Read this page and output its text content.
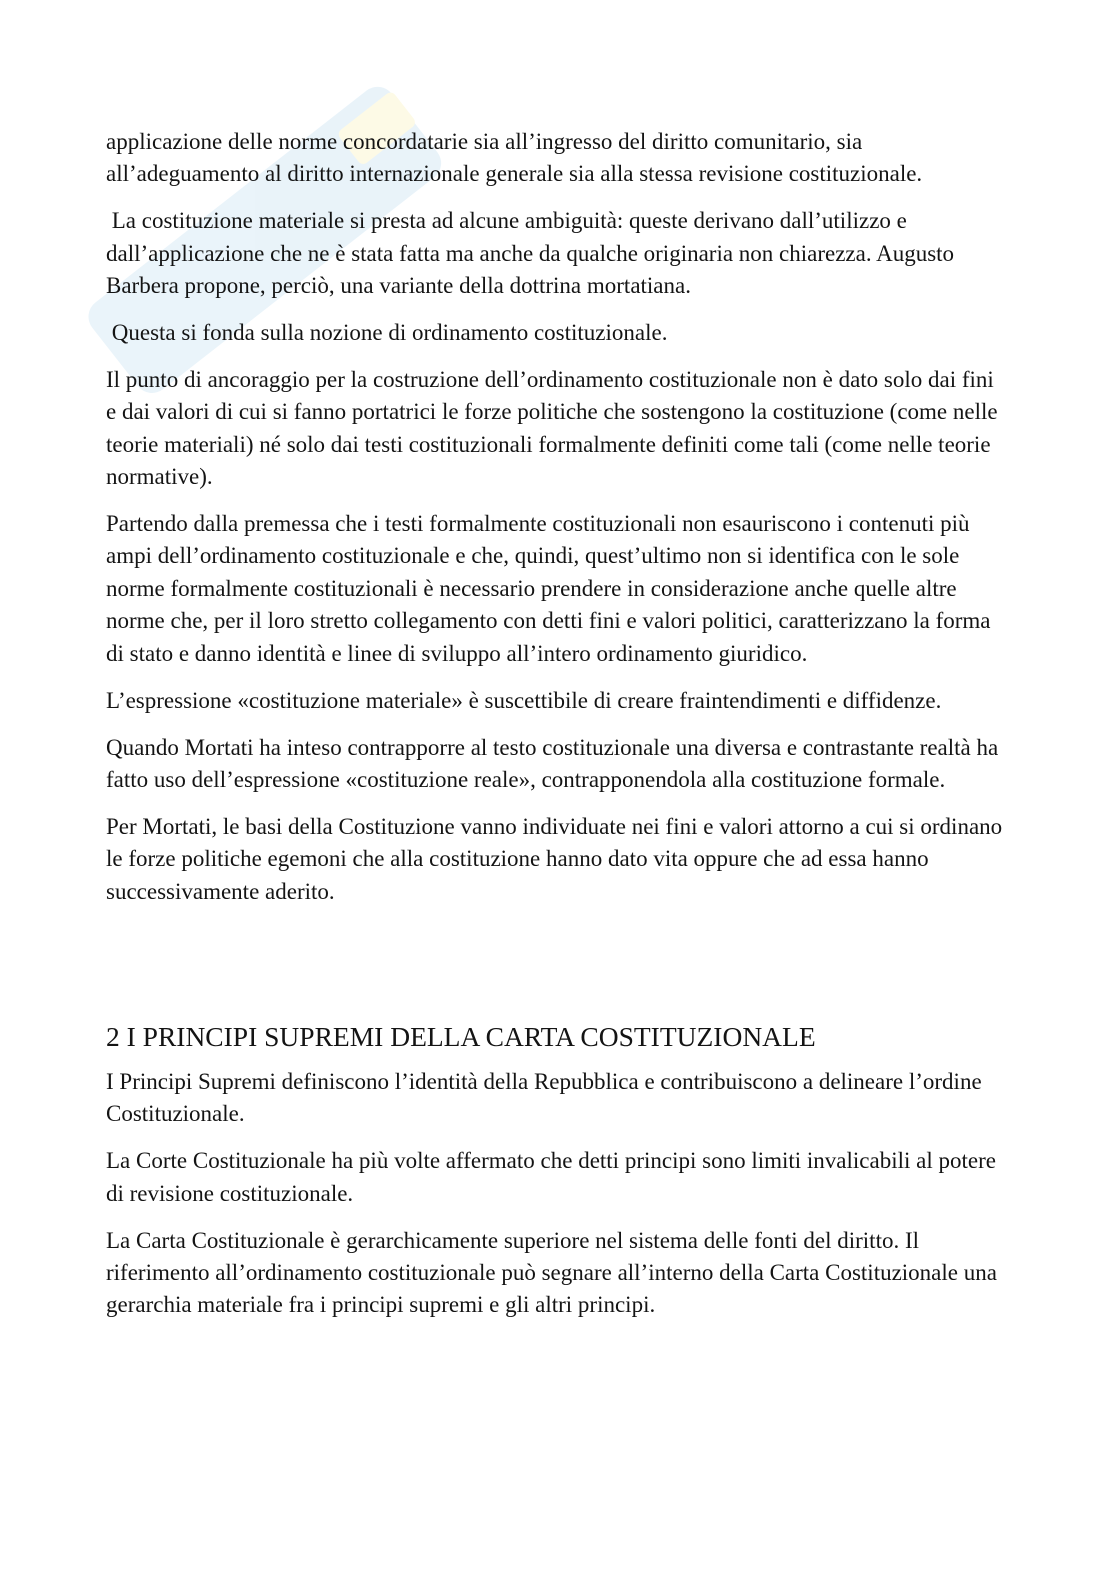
applicazione delle norme concordatarie sia all’ingresso del diritto comunitario, sia all’adeguamento al diritto internazionale generale sia alla stessa revisione costituzionale.

La costituzione materiale si presta ad alcune ambiguità: queste derivano dall’utilizzo e dall’applicazione che ne è stata fatta ma anche da qualche originaria non chiarezza. Augusto Barbera propone, perciò, una variante della dottrina mortatiana.

Questa si fonda sulla nozione di ordinamento costituzionale.

Il punto di ancoraggio per la costruzione dell’ordinamento costituzionale non è dato solo dai fini e dai valori di cui si fanno portatrici le forze politiche che sostengono la costituzione (come nelle teorie materiali) né solo dai testi costituzionali formalmente definiti come tali (come nelle teorie normative).

Partendo dalla premessa che i testi formalmente costituzionali non esauriscono i contenuti più ampi dell’ordinamento costituzionale e che, quindi, quest’ultimo non si identifica con le sole norme formalmente costituzionali è necessario prendere in considerazione anche quelle altre norme che, per il loro stretto collegamento con detti fini e valori politici, caratterizzano la forma di stato e danno identità e linee di sviluppo all’intero ordinamento giuridico.

L’espressione «costituzione materiale» è suscettibile di creare fraintendimenti e diffidenze.

Quando Mortati ha inteso contrapporre al testo costituzionale una diversa e contrastante realtà ha fatto uso dell’espressione «costituzione reale», contrapponendola alla costituzione formale.

Per Mortati, le basi della Costituzione vanno individuate nei fini e valori attorno a cui si ordinano le forze politiche egemoni che alla costituzione hanno dato vita oppure che ad essa hanno successivamente aderito.

2 I PRINCIPI SUPREMI DELLA CARTA COSTITUZIONALE

I Principi Supremi definiscono l’identità della Repubblica e contribuiscono a delineare l’ordine Costituzionale.

La Corte Costituzionale ha più volte affermato che detti principi sono limiti invalicabili al potere di revisione costituzionale.

La Carta Costituzionale è gerarchicamente superiore nel sistema delle fonti del diritto. Il riferimento all’ordinamento costituzionale può segnare all’interno della Carta Costituzionale una gerarchia materiale fra i principi supremi e gli altri principi.
